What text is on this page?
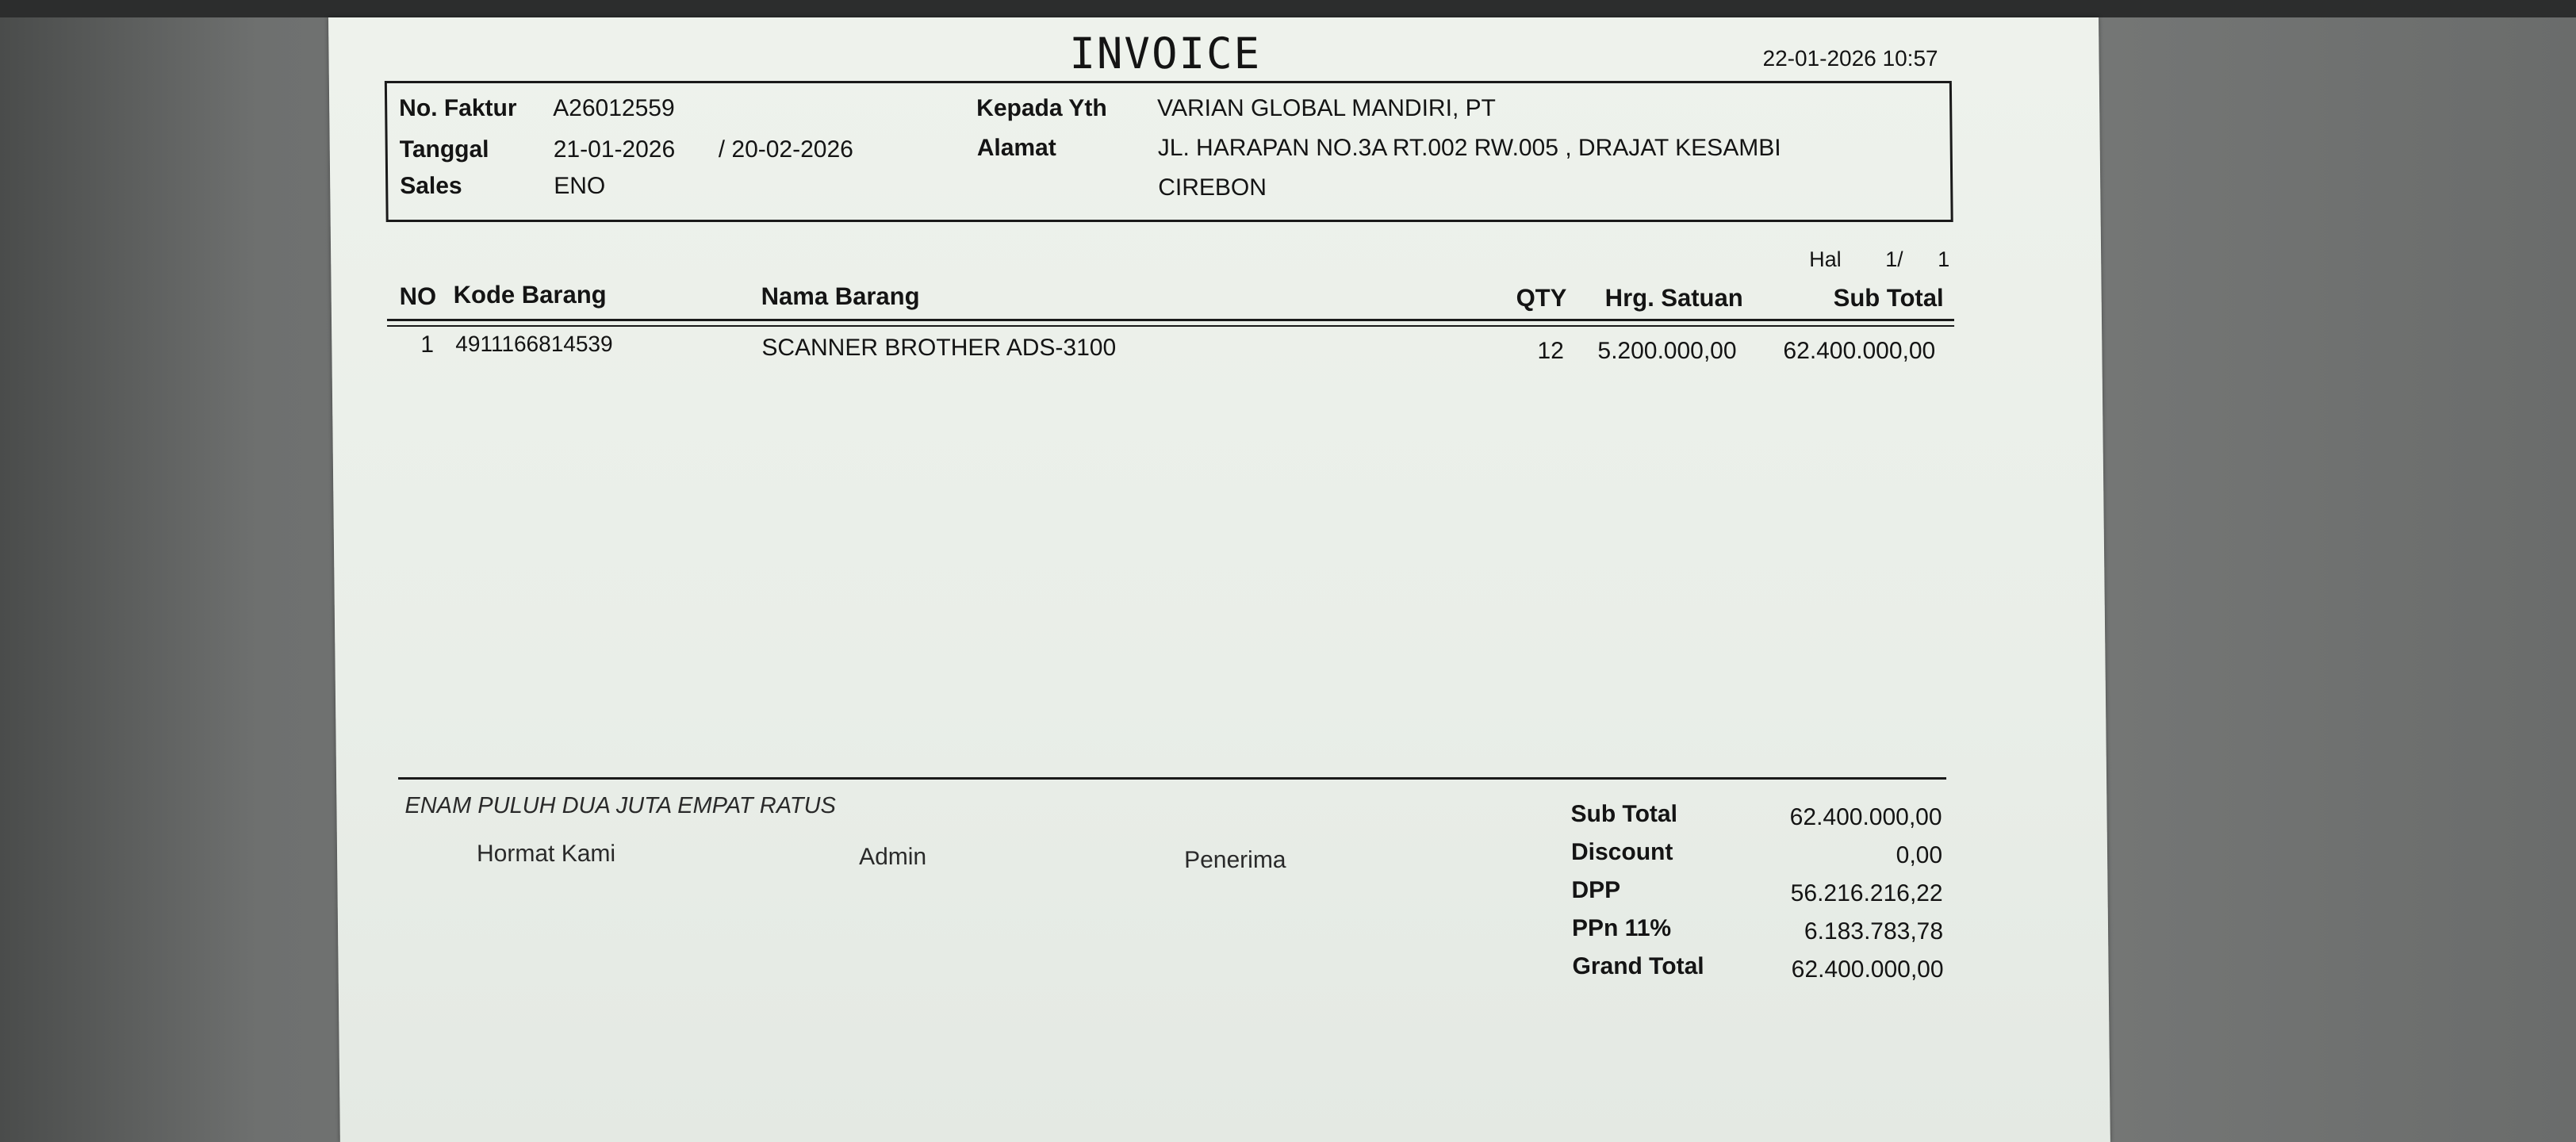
INVOICE	22-01-2026 10:57
No. Faktur A26012559
Tanggal	21-01-2026 / 20-02-2026
Sales	ENO
Kepada Yth VARIAN GLOBAL MANDIRI, PT
Alamat	JL. HARAPAN NO.3A RT.002 RW.005 , DRAJAT KESAMBI
CIREBON
Hal 1/ 1
NO Kode Barang	Nama Barang	QTY Hrg. Satuan	Sub Total
1 4911166814539	SCANNER BROTHER ADS-3100	12 5.200.000,00 62.400.000,00
ENAM PULUH DUA JUTA EMPAT RATUS
Hormat Kami	Admin	Penerima
Sub Total	62.400.000,00
Discount	0,00
DPP	56.216.216,22
PPn 11%	6.183.783,78
Grand Total	62.400.000,00
